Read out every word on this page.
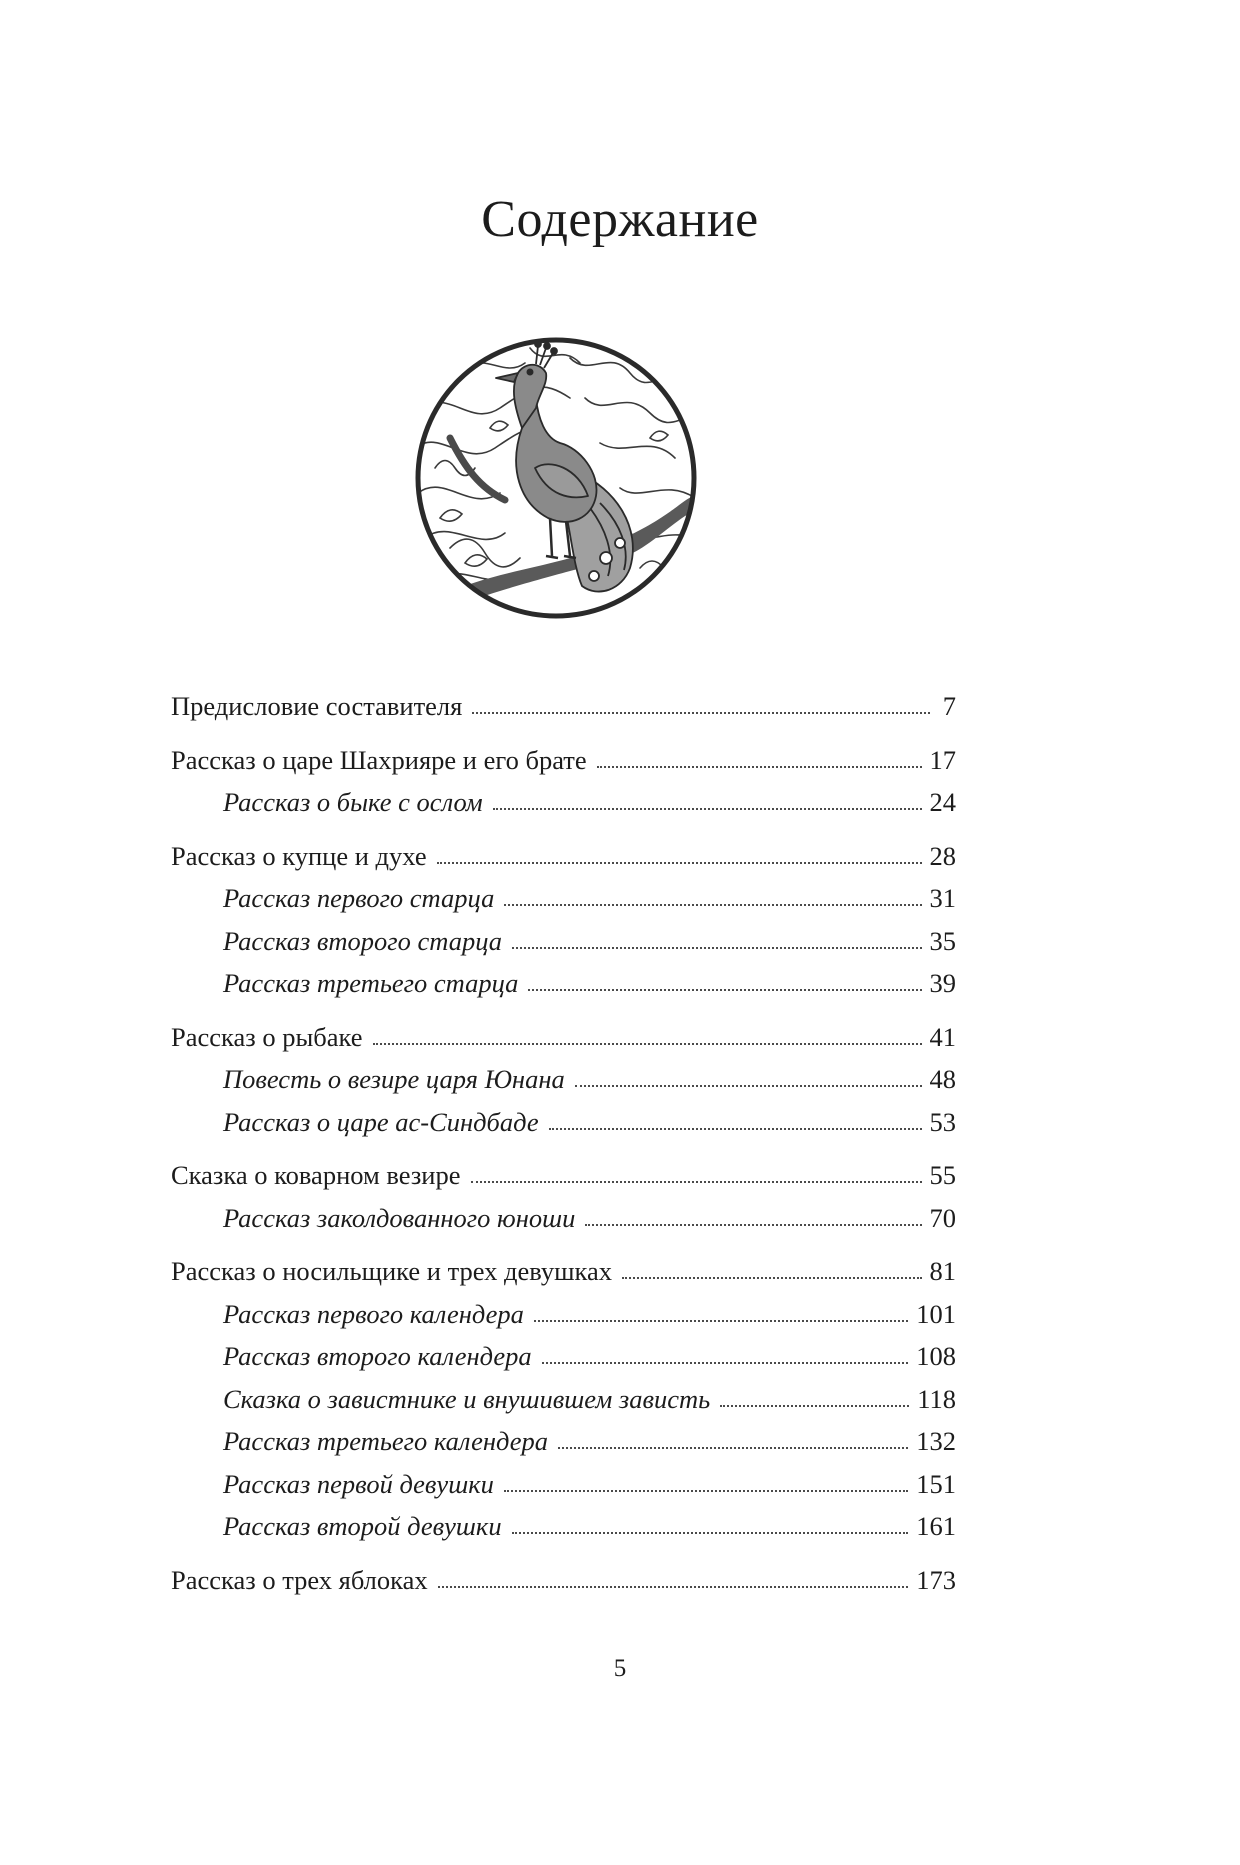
Содержание
Предисловие составителя	7
Рассказ о царе Шахрияре и его брате	17
Рассказ о быке с ослом	24
Рассказ о купце и духе	28
Рассказ первого старца	31
Рассказ второго старца	35
Рассказ третьего старца	39
Рассказ о рыбаке	41
Повесть о везире царя Юнана	48
Рассказ о царе ас-Синдбаде	53
Сказка о коварном везире	55
Рассказ заколдованного юноши	70
Рассказ о носильщике и трех девушках	81
Рассказ первого календера	101
Рассказ второго календера	108
Сказка о завистнике и внушившем зависть	118
Рассказ третьего календера	132
Рассказ первой девушки	151
Рассказ второй девушки	161
Рассказ о трех яблоках	173
5
